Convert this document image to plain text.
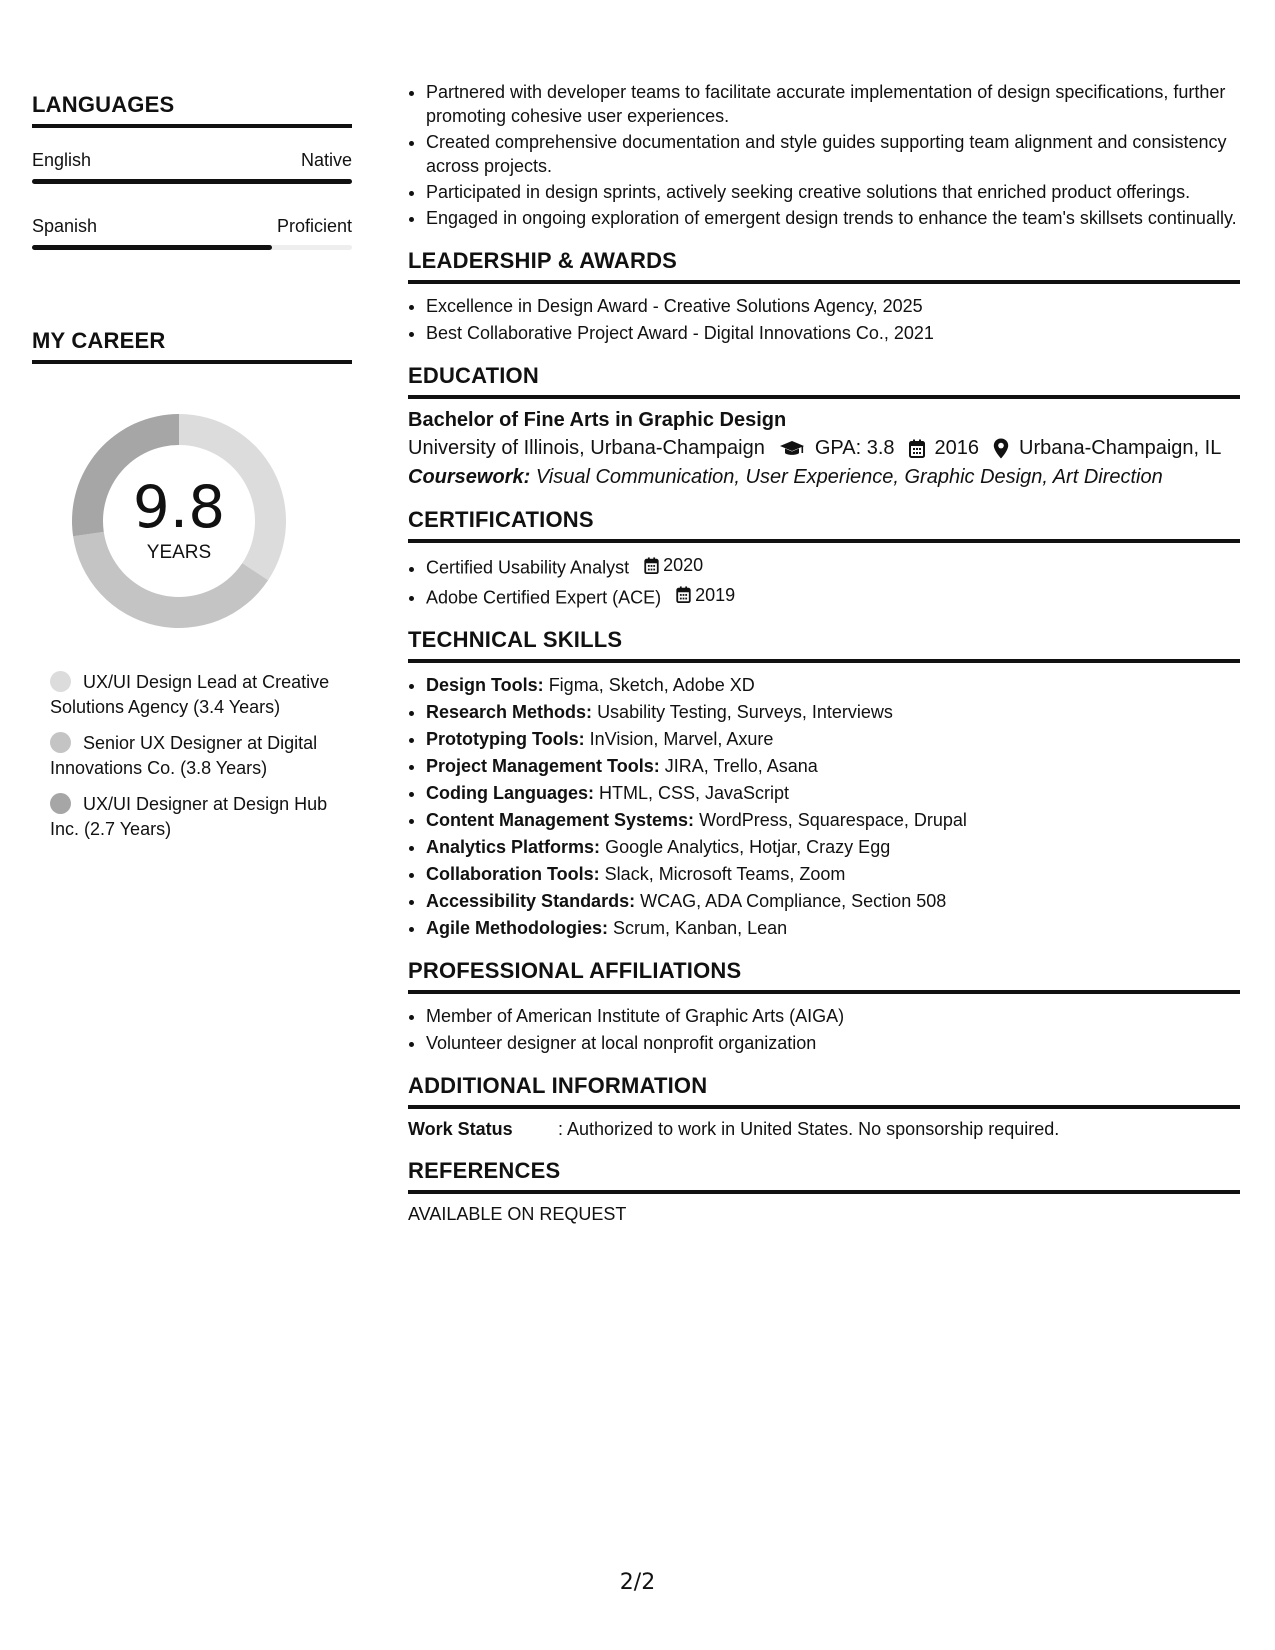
LANGUAGES
English	Native
Spanish	Proficient
MY CAREER
9.8
YEARS
UX/UI Design Lead at Creative Solutions Agency (3.4 Years)
Senior UX Designer at Digital Innovations Co. (3.8 Years)
UX/UI Designer at Design Hub Inc. (2.7 Years)
• Partnered with developer teams to facilitate accurate implementation of design specifications, further promoting cohesive user experiences.
• Created comprehensive documentation and style guides supporting team alignment and consistency across projects.
• Participated in design sprints, actively seeking creative solutions that enriched product offerings.
• Engaged in ongoing exploration of emergent design trends to enhance the team's skillsets continually.
LEADERSHIP & AWARDS
• Excellence in Design Award - Creative Solutions Agency, 2025
• Best Collaborative Project Award - Digital Innovations Co., 2021
EDUCATION
Bachelor of Fine Arts in Graphic Design
University of Illinois, Urbana-Champaign	GPA: 3.8 2016 Urbana-Champaign, IL
Coursework: Visual Communication, User Experience, Graphic Design, Art Direction
CERTIFICATIONS
• Certified Usability Analyst 2020
• Adobe Certified Expert (ACE) 2019
TECHNICAL SKILLS
• Design Tools: Figma, Sketch, Adobe XD
• Research Methods: Usability Testing, Surveys, Interviews
• Prototyping Tools: InVision, Marvel, Axure
• Project Management Tools: JIRA, Trello, Asana
• Coding Languages: HTML, CSS, JavaScript
• Content Management Systems: WordPress, Squarespace, Drupal
• Analytics Platforms: Google Analytics, Hotjar, Crazy Egg
• Collaboration Tools: Slack, Microsoft Teams, Zoom
• Accessibility Standards: WCAG, ADA Compliance, Section 508
• Agile Methodologies: Scrum, Kanban, Lean
PROFESSIONAL AFFILIATIONS
• Member of American Institute of Graphic Arts (AIGA)
• Volunteer designer at local nonprofit organization
ADDITIONAL INFORMATION
Work Status	: Authorized to work in United States. No sponsorship required.
REFERENCES
AVAILABLE ON REQUEST
2/2
